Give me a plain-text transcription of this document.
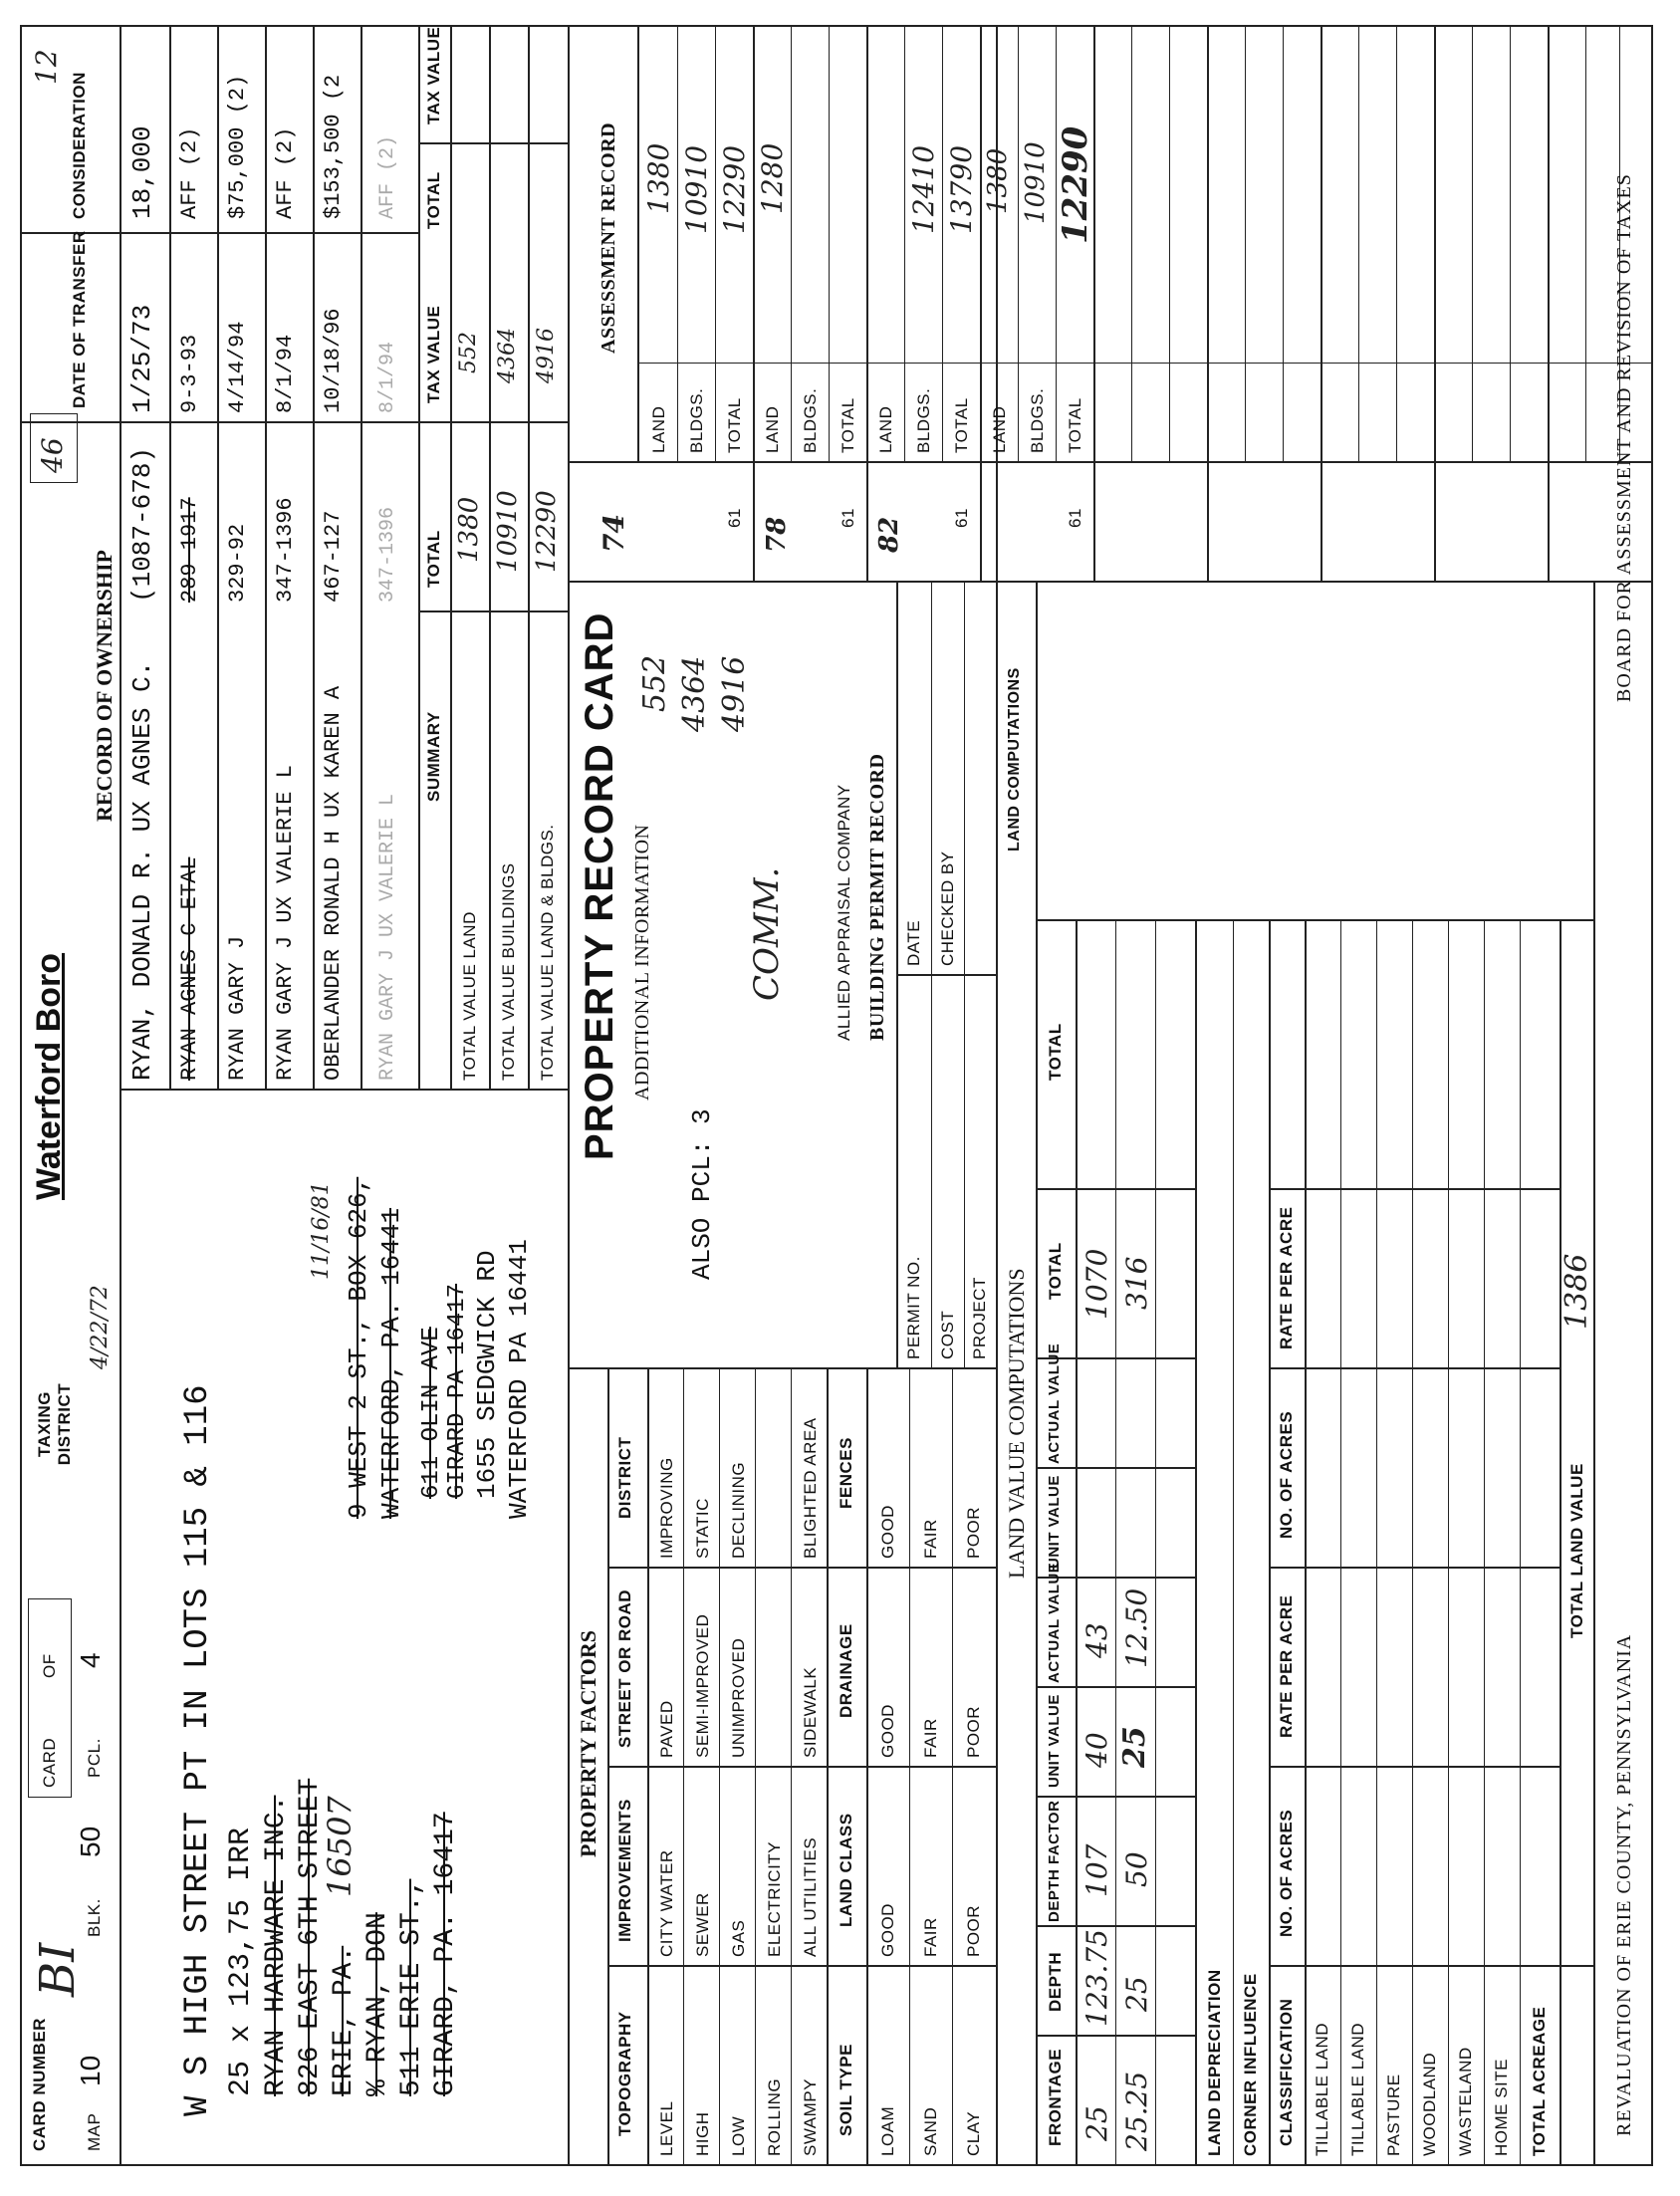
CARD NUMBER
BI
MAP
10
BLK.
50
CARD
OF
PCL.
4
TAXING DISTRICT
4/22/72
Waterford Boro
46
12
W S HIGH STREET PT IN LOTS 115 & 116 25 x 123,75 IRR RYAN HARDWARE INC. 826 EAST 6TH STREET ERIE, PA.
16507
% RYAN, DON 511 ERIE ST., GIRARD, PA. 16417
11/16/81 9 WEST 2 ST., BOX 626, WATERFORD, PA. 16441 611 OLIN AVE GIRARD PA 16417 1655 SEDGWICK RD WATERFORD PA 16441
RECORD OF OWNERSHIP
DATE OF TRANSFER
CONSIDERATION
RYAN, DONALD R. UX AGNES C.
(1087-678)
1/25/73
18,000
RYAN AGNES C ETAL
289-1917
9-3-93
AFF (2)
RYAN GARY J
329-92
4/14/94
$75,000 (2)
RYAN GARY J UX VALERIE L
347-1396
8/1/94
AFF (2)
OBERLANDER RONALD H UX KAREN A
467-127
10/18/96
$153,500 (2
RYAN GARY J UX VALERIE L
347-1396
8/1/94
AFF (2)
SUMMARY
TOTAL
TAX VALUE
TOTAL VALUE LAND
1380
552
TOTAL VALUE BUILDINGS
10910
4364
TOTAL VALUE LAND & BLDGS.
12290
4916
TOTAL
TAX VALUE
PROPERTY FACTORS
TOPOGRAPHY
IMPROVEMENTS
STREET OR ROAD
DISTRICT
LEVEL HIGH LOW ROLLING SWAMPY
CITY WATER SEWER GAS ELECTRICITY ALL UTILITIES
PAVED SEMI-IMPROVED UNIMPROVED	SIDEWALK
IMPROVING STATIC DECLINING	BLIGHTED AREA
SOIL TYPE
LAND CLASS
DRAINAGE
FENCES
LOAM SAND CLAY
GOOD FAIR POOR
GOOD FAIR POOR
GOOD FAIR POOR
PROPERTY RECORD CARD ADDITIONAL INFORMATION
ALSO PCL: 3
COMM.
552 4364 4916
ALLIED APPRAISAL COMPANY BUILDING PERMIT RECORD
PERMIT NO.
DATE
COST
CHECKED BY
PROJECT
ASSESSMENT RECORD
74
LAND
1380
BLDGS.
10910
61
TOTAL
12290
78
LAND
1280
BLDGS.
61
TOTAL
82
LAND BLDGS.
12410
61
TOTAL
13790
LAND
1380
BLDGS.
10910
61
TOTAL
12290
LAND VALUE COMPUTATIONS
FRONTAGE
DEPTH
DEPTH FACTOR
UNIT VALUE
ACTUAL VALUE
UNIT VALUE
ACTUAL VALUE
TOTAL
TOTAL
25
123.75
107
40
43
1070
25.25
25
50
25
12.50
316
LAND DEPRECIATION CORNER INFLUENCE CLASSIFICATION
NO. OF ACRES
RATE PER ACRE
NO. OF ACRES
RATE PER ACRE
TILLABLE LAND TILLABLE LAND PASTURE WOODLAND WASTELAND HOME SITE TOTAL ACREAGE
TOTAL LAND VALUE
1386
LAND COMPUTATIONS
REVALUATION OF ERIE COUNTY, PENNSYLVANIA
BOARD FOR ASSESSMENT AND REVISION OF TAXES
